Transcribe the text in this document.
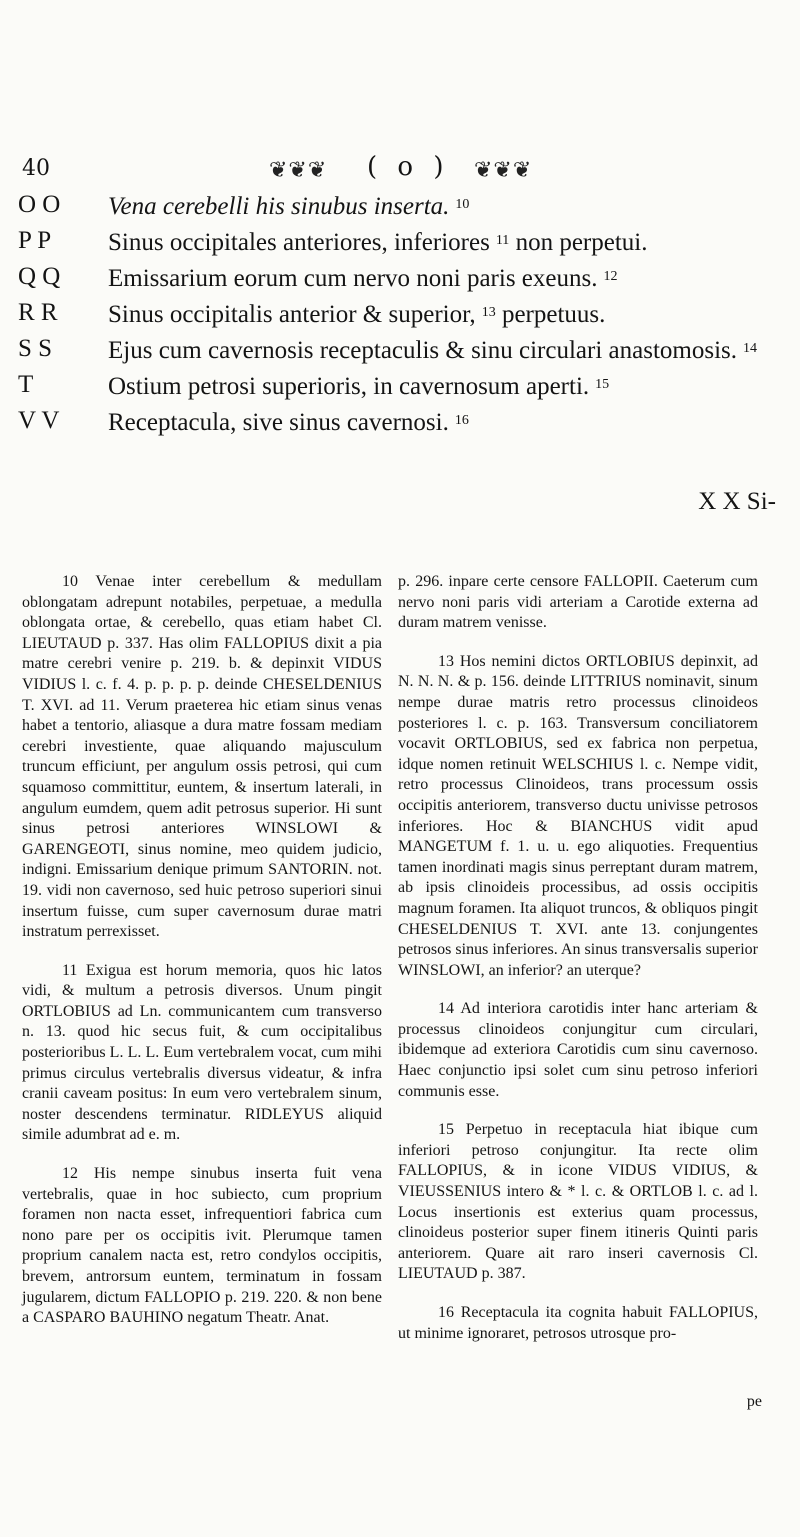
40	❦❦❦ ( o ) ❦❦❦
O O	Vena cerebelli his sinubus inserta. $^{10}$
P P	Sinus occipitales anteriores, inferiores $^{11}$ non perpetui.
Q Q	Emissarium eorum cum nervo noni paris exeuns. $^{12}$
R R	Sinus occipitalis anterior & superior, $^{13}$ perpetuus.
S S	Ejus cum cavernosis receptaculis & sinu circulari anastomosis. $^{14}$
T	Ostium petrosi superioris, in cavernosum aperti. $^{15}$
V V	Receptacula, sive sinus cavernosi. $^{16}$
X X Si-

10 Venae inter cerebellum & medullam oblongatam adrepunt notabiles, perpetuae, a medulla oblongata ortae, & cerebello, quas etiam habet Cl. LIEUTAUD p. 337. Has olim FALLOPIUS dixit a pia matre cerebri venire p. 219. b. & depinxit VIDUS VIDIUS l. c. f. 4. p. p. p. p. deinde CHESELDENIUS T. XVI. ad 11. Verum praeterea hic etiam sinus venas habet a tentorio, aliasque a dura matre fossam mediam cerebri investiente, quae aliquando majusculum truncum efficiunt, per angulum ossis petrosi, qui cum squamoso committitur, euntem, & insertum laterali, in angulum eumdem, quem adit petrosus superior. Hi sunt sinus petrosi anteriores WINSLOWI & GARENGEOTI, sinus nomine, meo quidem judicio, indigni. Emissarium denique primum SANTORIN. not. 19. vidi non cavernoso, sed huic petroso superiori sinui insertum fuisse, cum super cavernosum durae matri instratum perrexisset.

11 Exigua est horum memoria, quos hic latos vidi, & multum a petrosis diversos. Unum pingit ORTLOBIUS ad Ln. communicantem cum transverso n. 13. quod hic secus fuit, & cum occipitalibus posterioribus L. L. L. Eum vertebralem vocat, cum mihi primus circulus vertebralis diversus videatur, & infra cranii caveam positus: In eum vero vertebralem sinum, noster descendens terminatur. RIDLEYUS aliquid simile adumbrat ad e. m.

12 His nempe sinubus inserta fuit vena vertebralis, quae in hoc subiecto, cum proprium foramen non nacta esset, infrequentiori fabrica cum nono pare per os occipitis ivit. Plerumque tamen proprium canalem nacta est, retro condylos occipitis, brevem, antrorsum euntem, terminatum in fossam jugularem, dictum FALLOPIO p. 219. 220. & non bene a CASPARO BAUHINO negatum Theatr. Anat.

p. 296. inpare certe censore FALLOPII. Caeterum cum nervo noni paris vidi arteriam a Carotide externa ad duram matrem venisse.

13 Hos nemini dictos ORTLOBIUS depinxit, ad N. N. N. & p. 156. deinde LITTRIUS nominavit, sinum nempe durae matris retro processus clinoideos posteriores l. c. p. 163. Transversum conciliatorem vocavit ORTLOBIUS, sed ex fabrica non perpetua, idque nomen retinuit WELSCHIUS l. c. Nempe vidit, retro processus Clinoideos, trans processum ossis occipitis anteriorem, transverso ductu univisse petrosos inferiores. Hoc & BIANCHUS vidit apud MANGETUM f. 1. u. u. ego aliquoties. Frequentius tamen inordinati magis sinus perreptant duram matrem, ab ipsis clinoideis processibus, ad ossis occipitis magnum foramen. Ita aliquot truncos, & obliquos pingit CHESELDENIUS T. XVI. ante 13. conjungentes petrosos sinus inferiores. An sinus transversalis superior WINSLOWI, an inferior? an uterque?

14 Ad interiora carotidis inter hanc arteriam & processus clinoideos conjungitur cum circulari, ibidemque ad exteriora Carotidis cum sinu cavernoso. Haec conjunctio ipsi solet cum sinu petroso inferiori communis esse.

15 Perpetuo in receptacula hiat ibique cum inferiori petroso conjungitur. Ita recte olim FALLOPIUS, & in icone VIDUS VIDIUS, & VIEUSSENIUS intero & * l. c. & ORTLOB l. c. ad l. Locus insertionis est exterius quam processus, clinoideus posterior super finem itineris Quinti paris anteriorem. Quare ait raro inseri cavernosis Cl. LIEUTAUD p. 387.

16 Receptacula ita cognita habuit FALLOPIUS, ut minime ignoraret, petrosos utrosque pro-

pe
